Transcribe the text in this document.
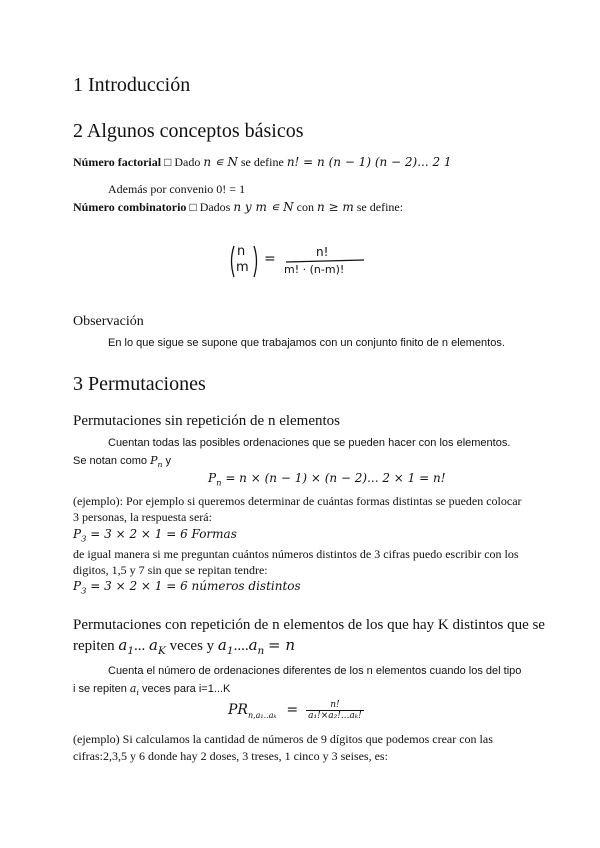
1 Introducción
2 Algunos conceptos básicos
Número factorial □ Dado n ∊ N se define n! = n (n − 1) (n − 2)... 2 1
Además por convenio 0! = 1
Número combinatorio □ Dados n y m ∊ N con n ≥ m se define:
n
m
=	n!
m! · (n-m)!
Observación
En lo que sigue se supone que trabajamos con un conjunto finito de n elementos.
3 Permutaciones
Permutaciones sin repetición de n elementos
Cuentan todas las posibles ordenaciones que se pueden hacer con los elementos.
Se notan como $P_n$ y
$P_n = n \times (n - 1) \times (n - 2)$... 2 × 1 = n!
(ejemplo): Por ejemplo si queremos determinar de cuántas formas distintas se pueden colocar
3 personas, la respuesta será:
$P_3 = 3 \times 2 \times 1 = 6$ Formas
de igual manera si me preguntan cuántos números distintos de 3 cifras puedo escribir con los
digitos, 1,5 y 7 sin que se repitan tendre:
$P_3 = 3 \times 2 \times 1 = 6$ números distintos
Permutaciones con repetición de n elementos de los que hay K distintos que se
repiten $a_1$... $a_K$ veces y $a_1....a_n = n$
Cuenta el número de ordenaciones diferentes de los n elementos cuando los del tipo
i se repiten $a_i$ veces para i=1...K
$PR_{n,a_1..a_k} = \frac{n!}{\text{a₁!×a₂!...aₖ!}}$
(ejemplo) Si calculamos la cantidad de números de 9 dígitos que podemos crear con las
cifras:2,3,5 y 6 donde hay 2 doses, 3 treses, 1 cinco y 3 seises, es:
